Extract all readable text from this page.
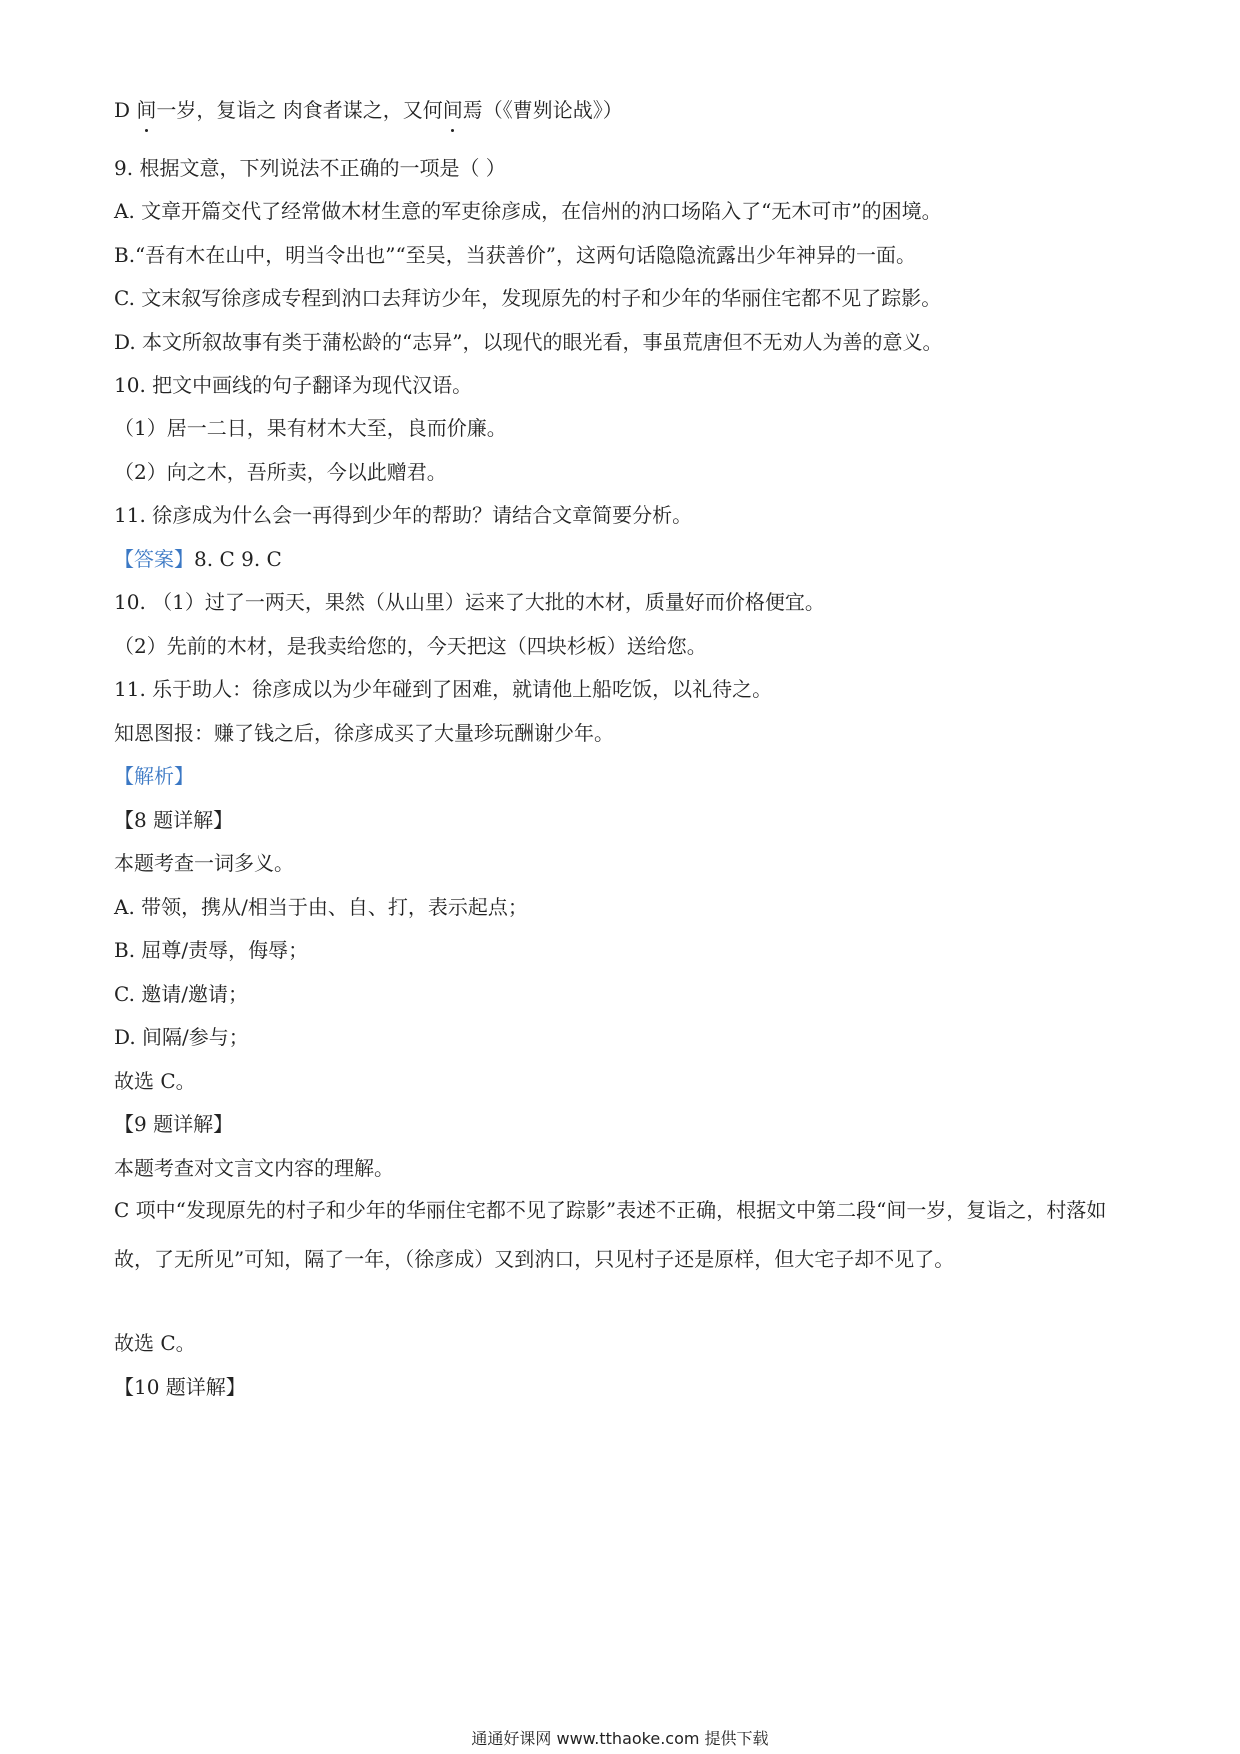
D 间一岁，复诣之 肉食者谋之，又何间焉（《曹刿论战》）
9. 根据文意，下列说法不正确的一项是（ ）
A. 文章开篇交代了经常做木材生意的军吏徐彦成，在信州的汭口场陷入了“无木可市”的困境。
B.“吾有木在山中，明当令出也”“至吴，当获善价”，这两句话隐隐流露出少年神异的一面。
C. 文末叙写徐彦成专程到汭口去拜访少年，发现原先的村子和少年的华丽住宅都不见了踪影。
D. 本文所叙故事有类于蒲松龄的“志异”，以现代的眼光看，事虽荒唐但不无劝人为善的意义。
10. 把文中画线的句子翻译为现代汉语。
（1）居一二日，果有材木大至，良而价廉。
（2）向之木，吾所卖，今以此赠君。
11. 徐彦成为什么会一再得到少年的帮助？请结合文章简要分析。
【答案】8. C 9. C
10. （1）过了一两天，果然（从山里）运来了大批的木材，质量好而价格便宜。
（2）先前的木材，是我卖给您的，今天把这（四块杉板）送给您。
11. 乐于助人：徐彦成以为少年碰到了困难，就请他上船吃饭，以礼待之。
知恩图报：赚了钱之后，徐彦成买了大量珍玩酬谢少年。
【解析】
【8 题详解】
本题考查一词多义。
A. 带领，携从/相当于由、自、打，表示起点；
B. 屈尊/责辱，侮辱；
C. 邀请/邀请；
D. 间隔/参与；
故选 C。
【9 题详解】
本题考查对文言文内容的理解。
C 项中“发现原先的村子和少年的华丽住宅都不见了踪影”表述不正确，根据文中第二段“间一岁，复诣之，村落如故，了无所见”可知，隔了一年，（徐彦成）又到汭口，只见村子还是原样，但大宅子却不见了。
故选 C。
【10 题详解】
通通好课网 www.tthaoke.com 提供下载
